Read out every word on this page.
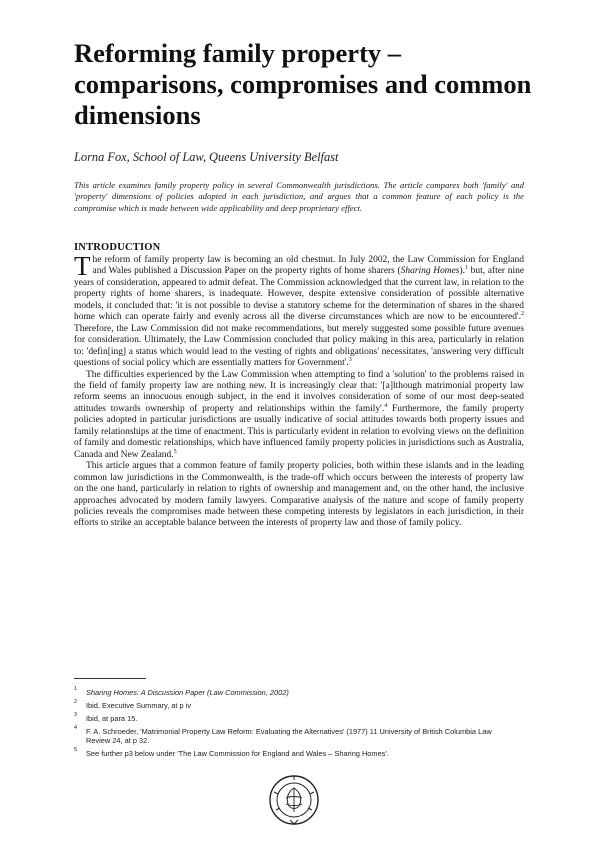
Reforming family property – comparisons, compromises and common dimensions
Lorna Fox, School of Law, Queens University Belfast
This article examines family property policy in several Commonwealth jurisdictions. The article compares both 'family' and 'property' dimensions of policies adopted in each jurisdiction, and argues that a common feature of each policy is the compromise which is made between wide applicability and deep proprietary effect.
INTRODUCTION

The reform of family property law is becoming an old chestnut. In July 2002, the Law Commission for England and Wales published a Discussion Paper on the property rights of home sharers (Sharing Homes).$^1$ but, after nine years of consideration, appeared to admit defeat. The Commission acknowledged that the current law, in relation to the property rights of home sharers, is inadequate. However, despite extensive consideration of possible alternative models, it concluded that: 'it is not possible to devise a statutory scheme for the determination of shares in the shared home which can operate fairly and evenly across all the diverse circumstances which are now to be encountered'.$^2$ Therefore, the Law Commission did not make recommendations, but merely suggested some possible future avenues for consideration. Ultimately, the Law Commission concluded that policy making in this area, particularly in relation to: 'defin[ing] a status which would lead to the vesting of rights and obligations' necessitates, 'answering very difficult questions of social policy which are essentially matters for Government'.$^3$

The difficulties experienced by the Law Commission when attempting to find a 'solution' to the problems raised in the field of family property law are nothing new. It is increasingly clear that: '[a]lthough matrimonial property law reform seems an innocuous enough subject, in the end it involves consideration of some of our most deep-seated attitudes towards ownership of property and relationships within the family'.$^4$ Furthermore, the family property policies adopted in particular jurisdictions are usually indicative of social attitudes towards both property issues and family relationships at the time of enactment. This is particularly evident in relation to evolving views on the definition of family and domestic relationships, which have influenced family property policies in jurisdictions such as Australia, Canada and New Zealand.$^5$

This article argues that a common feature of family property policies, both within these islands and in the leading common law jurisdictions in the Commonwealth, is the trade-off which occurs between the interests of property law on the one hand, particularly in relation to rights of ownership and management and, on the other hand, the inclusive approaches advocated by modern family lawyers. Comparative analysis of the nature and scope of family property policies reveals the compromises made between these competing interests by legislators in each jurisdiction, in their efforts to strike an acceptable balance between the interests of property law and those of family policy.

1 Sharing Homes: A Discussion Paper (Law Commission, 2002)
2 Ibid, Executive Summary, at p iv
3 Ibid, at para 15.
4 F. A. Schroeder, 'Matrimonial Property Law Reform: Evaluating the Alternatives' (1977) 11 University of British Columbia Law Review 24, at p 32.
5 See further p3 below under 'The Law Commission for England and Wales – Sharing Homes'.
